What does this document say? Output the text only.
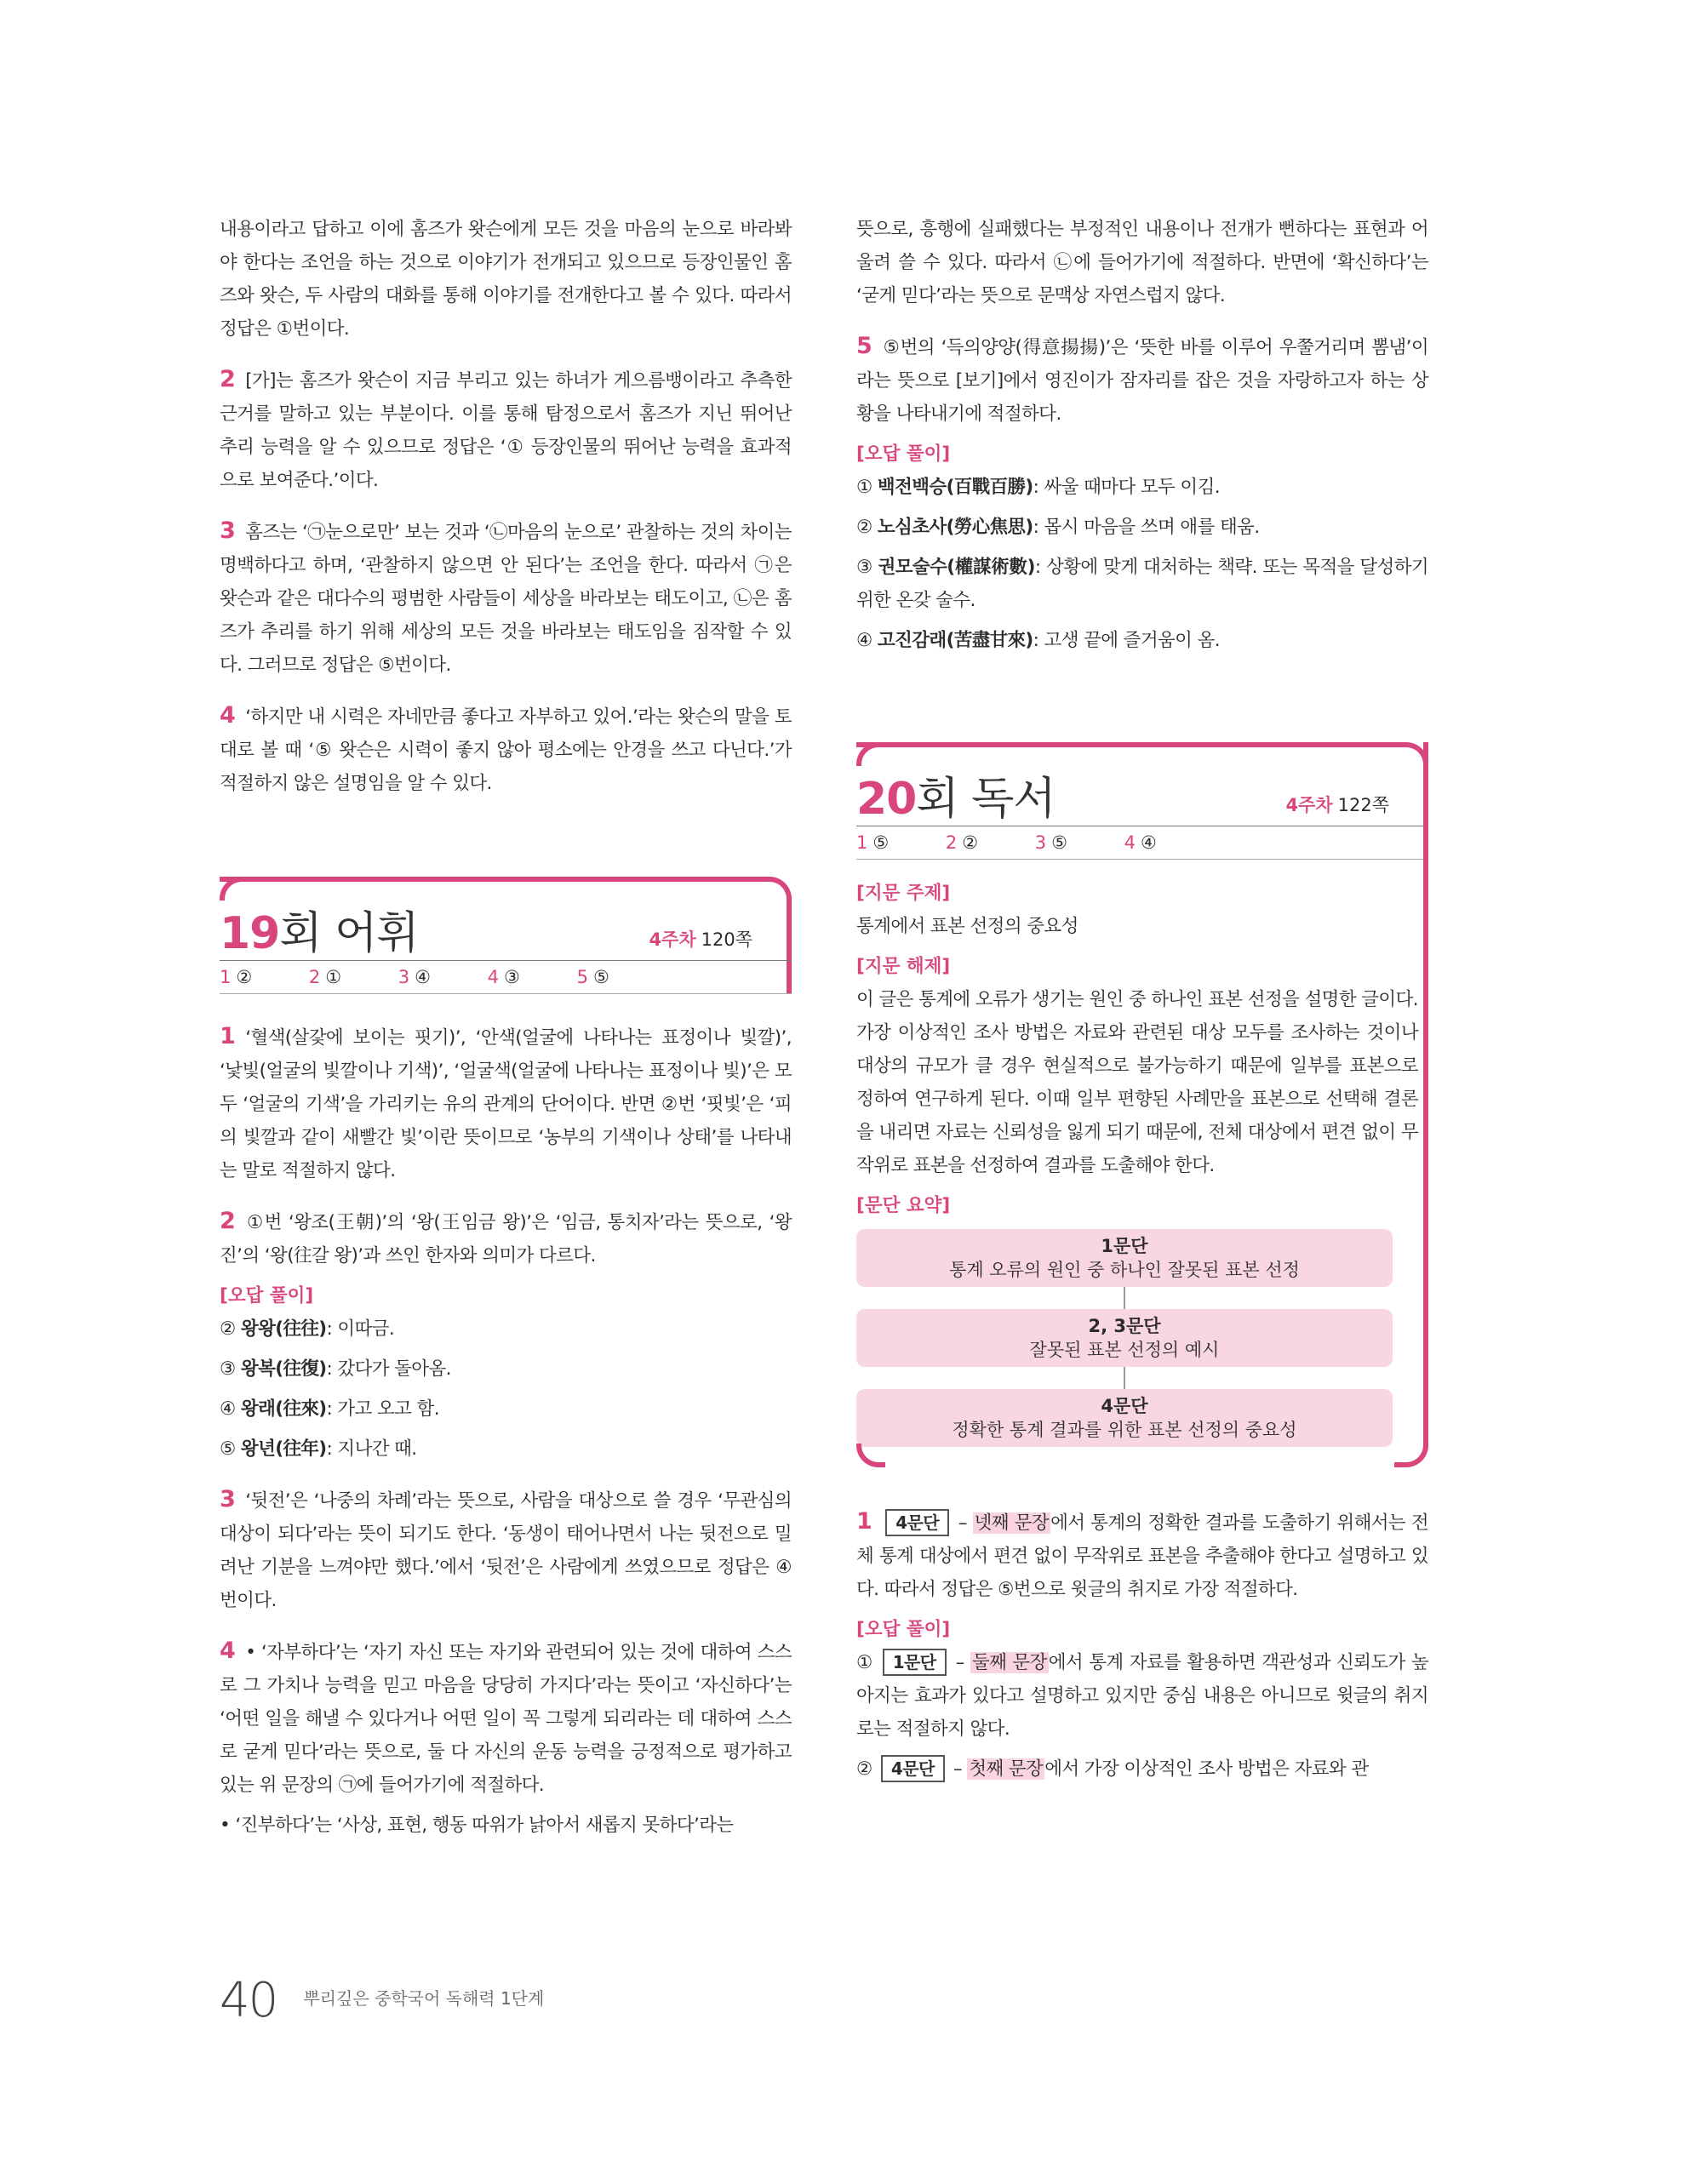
내용이라고 답하고 이에 홈즈가 왓슨에게 모든 것을 마음의 눈으로 바라봐야 한다는 조언을 하는 것으로 이야기가 전개되고 있으므로 등장인물인 홈즈와 왓슨, 두 사람의 대화를 통해 이야기를 전개한다고 볼 수 있다. 따라서 정답은 ①번이다.

2 [가]는 홈즈가 왓슨이 지금 부리고 있는 하녀가 게으름뱅이라고 추측한 근거를 말하고 있는 부분이다. 이를 통해 탐정으로서 홈즈가 지닌 뛰어난 추리 능력을 알 수 있으므로 정답은 ‘① 등장인물의 뛰어난 능력을 효과적으로 보여준다.’이다.

3 홈즈는 ‘㉠눈으로만’ 보는 것과 ‘㉡마음의 눈으로’ 관찰하는 것의 차이는 명백하다고 하며, ‘관찰하지 않으면 안 된다’는 조언을 한다. 따라서 ㉠은 왓슨과 같은 대다수의 평범한 사람들이 세상을 바라보는 태도이고, ㉡은 홈즈가 추리를 하기 위해 세상의 모든 것을 바라보는 태도임을 짐작할 수 있다. 그러므로 정답은 ⑤번이다.

4 ‘하지만 내 시력은 자네만큼 좋다고 자부하고 있어.’라는 왓슨의 말을 토대로 볼 때 ‘⑤ 왓슨은 시력이 좋지 않아 평소에는 안경을 쓰고 다닌다.’가 적절하지 않은 설명임을 알 수 있다.

19회 어휘	4주차 120쪽
1 ②	2 ①	3 ④	4 ③	5 ⑤

1 ‘혈색(살갗에 보이는 핏기)’, ‘안색(얼굴에 나타나는 표정이나 빛깔)’, ‘낯빛(얼굴의 빛깔이나 기색)’, ‘얼굴색(얼굴에 나타나는 표정이나 빛)’은 모두 ‘얼굴의 기색’을 가리키는 유의 관계의 단어이다. 반면 ②번 ‘핏빛’은 ‘피의 빛깔과 같이 새빨간 빛’이란 뜻이므로 ‘농부의 기색이나 상태’를 나타내는 말로 적절하지 않다.

2 ①번 ‘왕조(王朝)’의 ‘왕(王임금 왕)’은 ‘임금, 통치자’라는 뜻으로, ‘왕진’의 ‘왕(往갈 왕)’과 쓰인 한자와 의미가 다르다.

[오답 풀이]
② 왕왕(往往): 이따금.
③ 왕복(往復): 갔다가 돌아옴.
④ 왕래(往來): 가고 오고 함.
⑤ 왕년(往年): 지나간 때.

3 ‘뒷전’은 ‘나중의 차례’라는 뜻으로, 사람을 대상으로 쓸 경우 ‘무관심의 대상이 되다’라는 뜻이 되기도 한다. ‘동생이 태어나면서 나는 뒷전으로 밀려난 기분을 느껴야만 했다.’에서 ‘뒷전’은 사람에게 쓰였으므로 정답은 ④번이다.

4 • ‘자부하다’는 ‘자기 자신 또는 자기와 관련되어 있는 것에 대하여 스스로 그 가치나 능력을 믿고 마음을 당당히 가지다’라는 뜻이고 ‘자신하다’는 ‘어떤 일을 해낼 수 있다거나 어떤 일이 꼭 그렇게 되리라는 데 대하여 스스로 굳게 믿다’라는 뜻으로, 둘 다 자신의 운동 능력을 긍정적으로 평가하고 있는 위 문장의 ㉠에 들어가기에 적절하다.

• ‘진부하다’는 ‘사상, 표현, 행동 따위가 낡아서 새롭지 못하다’라는

뜻으로, 흥행에 실패했다는 부정적인 내용이나 전개가 뻔하다는 표현과 어울려 쓸 수 있다. 따라서 ㉡에 들어가기에 적절하다. 반면에 ‘확신하다’는 ‘굳게 믿다’라는 뜻으로 문맥상 자연스럽지 않다.

5 ⑤번의 ‘득의양양(得意揚揚)’은 ‘뜻한 바를 이루어 우쭐거리며 뽐냄’이라는 뜻으로 [보기]에서 영진이가 잠자리를 잡은 것을 자랑하고자 하는 상황을 나타내기에 적절하다.

[오답 풀이]
① 백전백승(百戰百勝): 싸울 때마다 모두 이김.
② 노심초사(勞心焦思): 몹시 마음을 쓰며 애를 태움.
③ 권모술수(權謀術數): 상황에 맞게 대처하는 책략. 또는 목적을 달성하기 위한 온갖 술수.
④ 고진감래(苦盡甘來): 고생 끝에 즐거움이 옴.
20회 독서	4주차 122쪽
1 ⑤	2 ②	3 ⑤	4 ④
[지문 주제]
통계에서 표본 선정의 중요성
[지문 해제]
이 글은 통계에 오류가 생기는 원인 중 하나인 표본 선정을 설명한 글이다. 가장 이상적인 조사 방법은 자료와 관련된 대상 모두를 조사하는 것이나 대상의 규모가 클 경우 현실적으로 불가능하기 때문에 일부를 표본으로 정하여 연구하게 된다. 이때 일부 편향된 사례만을 표본으로 선택해 결론을 내리면 자료는 신뢰성을 잃게 되기 때문에, 전체 대상에서 편견 없이 무작위로 표본을 선정하여 결과를 도출해야 한다.
[문단 요약]
1문단
통계 오류의 원인 중 하나인 잘못된 표본 선정
2, 3문단
잘못된 표본 선정의 예시
4문단
정확한 통계 결과를 위한 표본 선정의 중요성

1 4문단 – 넷째 문장에서 통계의 정확한 결과를 도출하기 위해서는 전체 통계 대상에서 편견 없이 무작위로 표본을 추출해야 한다고 설명하고 있다. 따라서 정답은 ⑤번으로 윗글의 취지로 가장 적절하다.

[오답 풀이]
① 1문단 – 둘째 문장에서 통계 자료를 활용하면 객관성과 신뢰도가 높아지는 효과가 있다고 설명하고 있지만 중심 내용은 아니므로 윗글의 취지로는 적절하지 않다.
② 4문단 – 첫째 문장에서 가장 이상적인 조사 방법은 자료와 관
40 뿌리깊은 중학국어 독해력 1단계
